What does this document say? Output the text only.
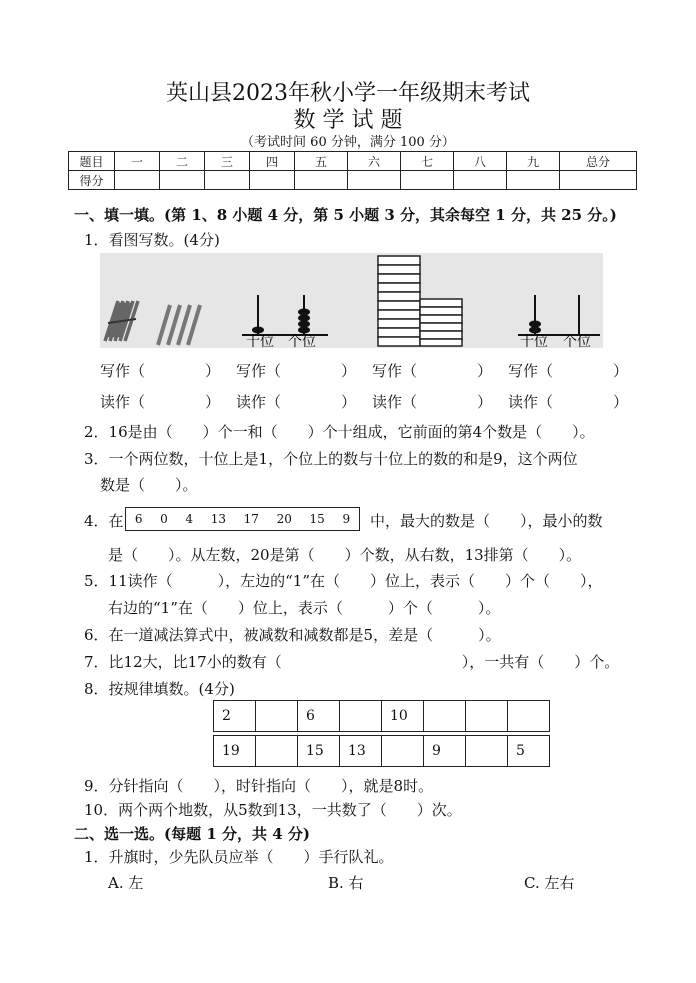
英山县2023年秋小学一年级期末考试
数 学 试 题
（考试时间 60 分钟，满分 100 分）
题目	一	二	三	四	五	六	七	八	九	总分
得分										
一、填一填。(第 1、8 小题 4 分，第 5 小题 3 分，其余每空 1 分，共 25 分。)
1．看图写数。(4分)
十位 个位	十位 个位
写作（　　　　） 写作（　　　　） 写作（　　　　） 写作（　　　　）
读作（　　　　） 读作（　　　　） 读作（　　　　） 读作（　　　　）
2．16是由（　　）个一和（　　）个十组成，它前面的第4个数是（　　）。
3．一个两位数，十位上是1，个位上的数与十位上的数的和是9，这个两位
数是（　　）。
4．在 6 0 4 13 17 20 15 9 中，最大的数是（　　），最小的数
是（　　）。从左数，20是第（　　）个数，从右数，13排第（　　）。
5．11读作（　　　），左边的“1”在（　　）位上，表示（　　）个（　　），
右边的“1”在（　　）位上，表示（　　　）个（　　　）。
6．在一道减法算式中，被减数和减数都是5，差是（　　　）。
7．比12大，比17小的数有（　　　　　　　　　　　　），一共有（　　）个。
8．按规律填数。(4分)
2		6		10			
19		15	13		9		5
9．分针指向（　　），时针指向（　　），就是8时。
10．两个两个地数，从5数到13，一共数了（　　）次。
二、选一选。(每题 1 分，共 4 分)
1．升旗时，少先队员应举（　　）手行队礼。
A. 左	B. 右	C. 左右
